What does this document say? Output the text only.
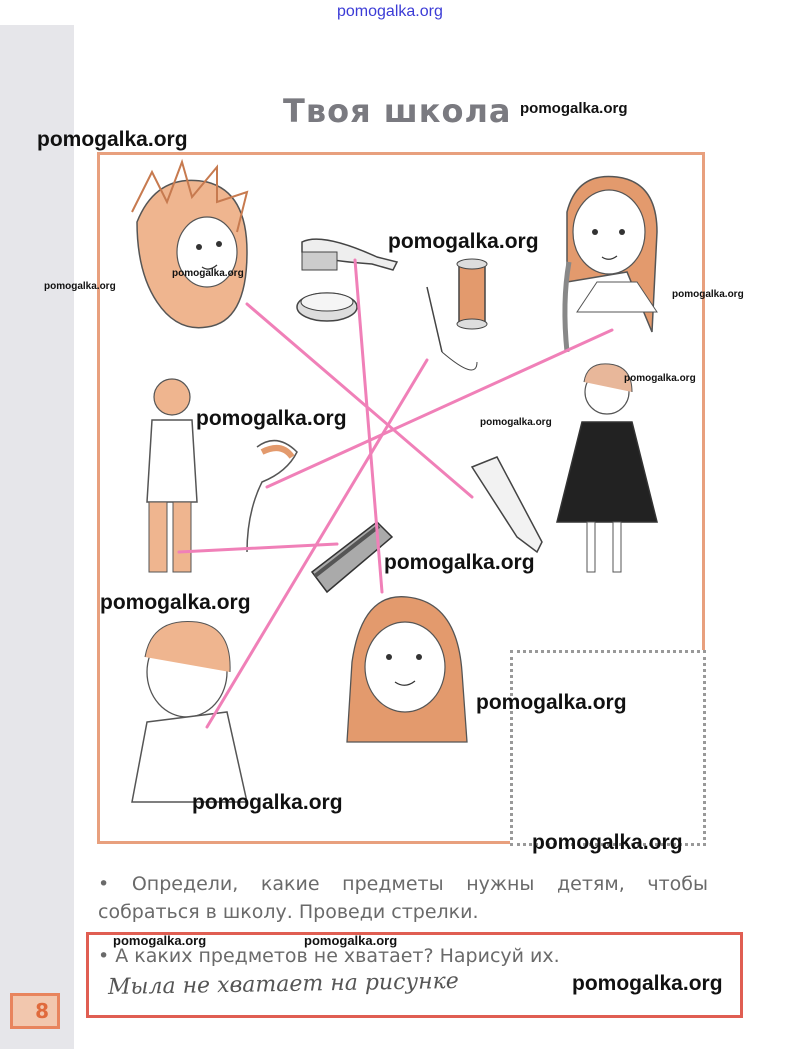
pomogalka.org
Твоя школа pomogalka.org
pomogalka.org
pomogalka.org
pomogalka.org
pomogalka.org
pomogalka.org
pomogalka.org
pomogalka.org	pomogalka.org
pomogalka.org
pomogalka.org
pomogalka.org
pomogalka.org
pomogalka.org
• Определи, какие предметы нужны детям, чтобы собраться в школу. Проведи стрелки.
• А каких предметов не хватает? Нарисуй их.
Мыла не хватает на рисунке
pomogalka.org	pomogalka.org
pomogalka.org
8
